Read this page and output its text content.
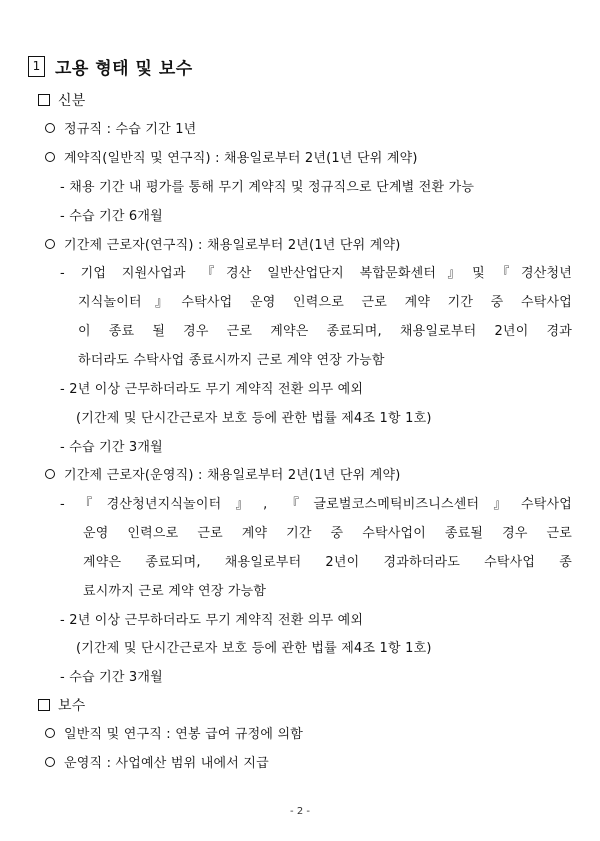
1 고용 형태 및 보수
신분
정규직 : 수습 기간 1년
계약직(일반직 및 연구직) : 채용일로부터 2년(1년 단위 계약)
- 채용 기간 내 평가를 통해 무기 계약직 및 정규직으로 단계별 전환 가능
- 수습 기간 6개월
기간제 근로자(연구직) : 채용일로부터 2년(1년 단위 계약)
- 기업 지원사업과 『경산 일반산업단지 복합문화센터』및『경산청년
지식놀이터』수탁사업 운영 인력으로 근로 계약 기간 중 수탁사업
이 종료 될 경우 근로 계약은 종료되며, 채용일로부터 2년이 경과
하더라도 수탁사업 종료시까지 근로 계약 연장 가능함
- 2년 이상 근무하더라도 무기 계약직 전환 의무 예외
(기간제 및 단시간근로자 보호 등에 관한 법률 제4조 1항 1호)
- 수습 기간 3개월
기간제 근로자(운영직) : 채용일로부터 2년(1년 단위 계약)
-『경산청년지식놀이터』, 『글로벌코스메틱비즈니스센터』수탁사업
운영 인력으로 근로 계약 기간 중 수탁사업이 종료될 경우 근로
계약은 종료되며, 채용일로부터 2년이 경과하더라도 수탁사업 종
료시까지 근로 계약 연장 가능함
- 2년 이상 근무하더라도 무기 계약직 전환 의무 예외
(기간제 및 단시간근로자 보호 등에 관한 법률 제4조 1항 1호)
- 수습 기간 3개월
보수
일반직 및 연구직 : 연봉 급여 규정에 의함
운영직 : 사업예산 범위 내에서 지급
- 2 -
